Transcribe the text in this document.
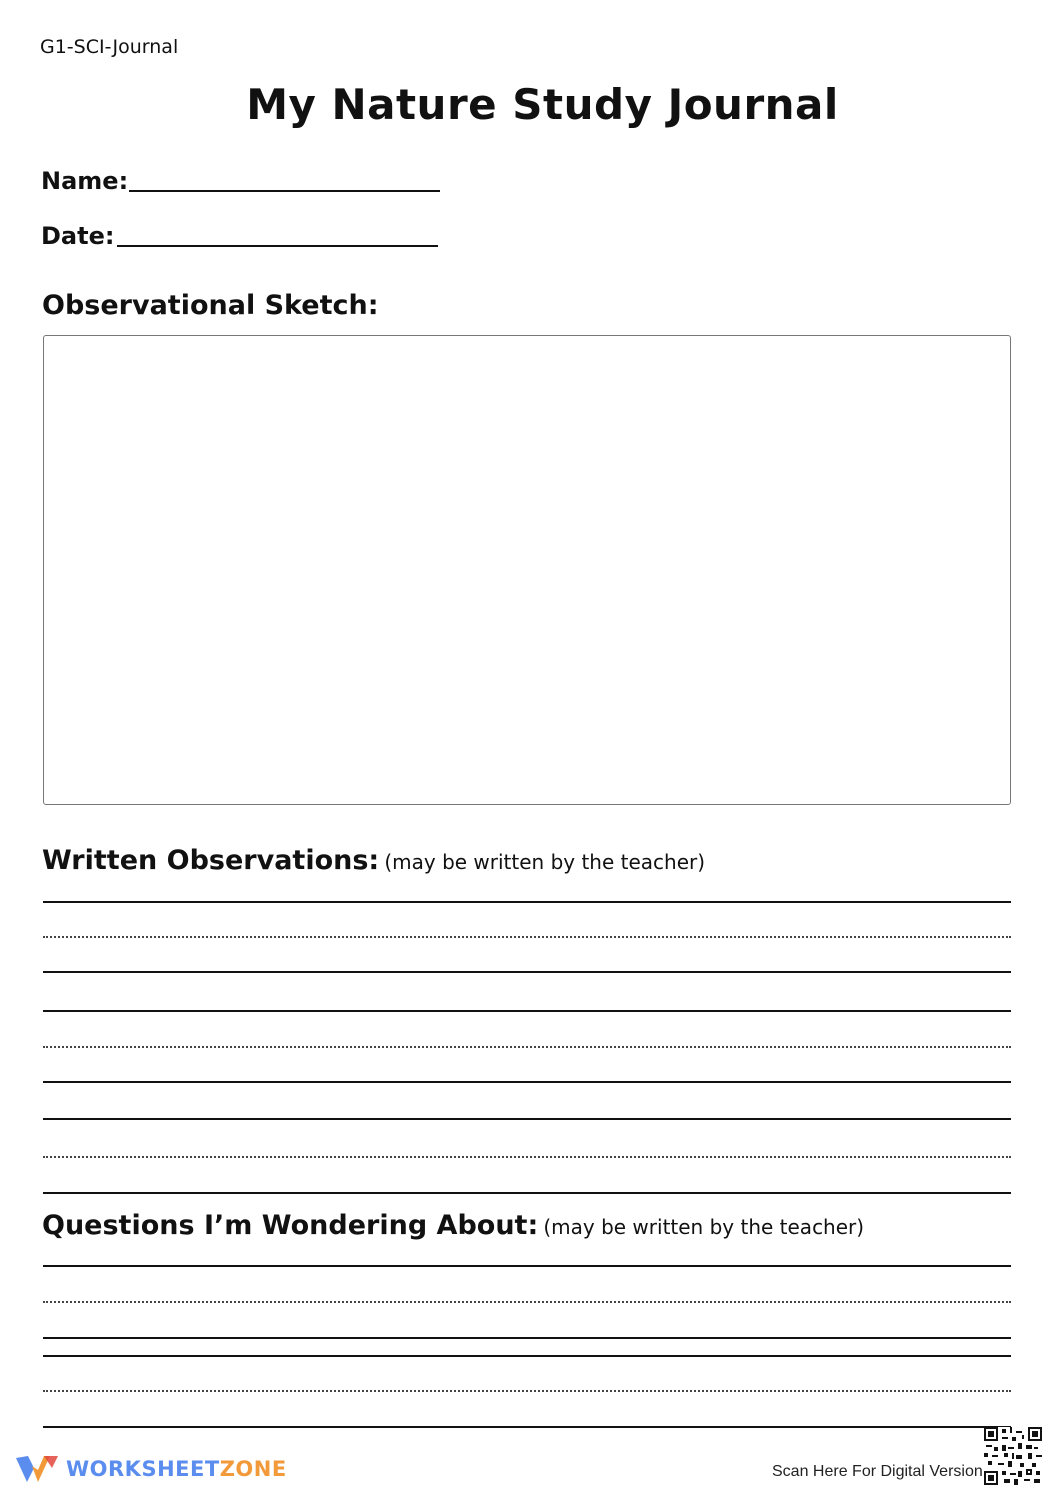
G1-SCI-Journal
My Nature Study Journal
Name:
Date:
Observational Sketch:
Written Observations: (may be written by the teacher)
Questions I’m Wondering About: (may be written by the teacher)
WORKSHEETZONE	Scan Here For Digital Version
